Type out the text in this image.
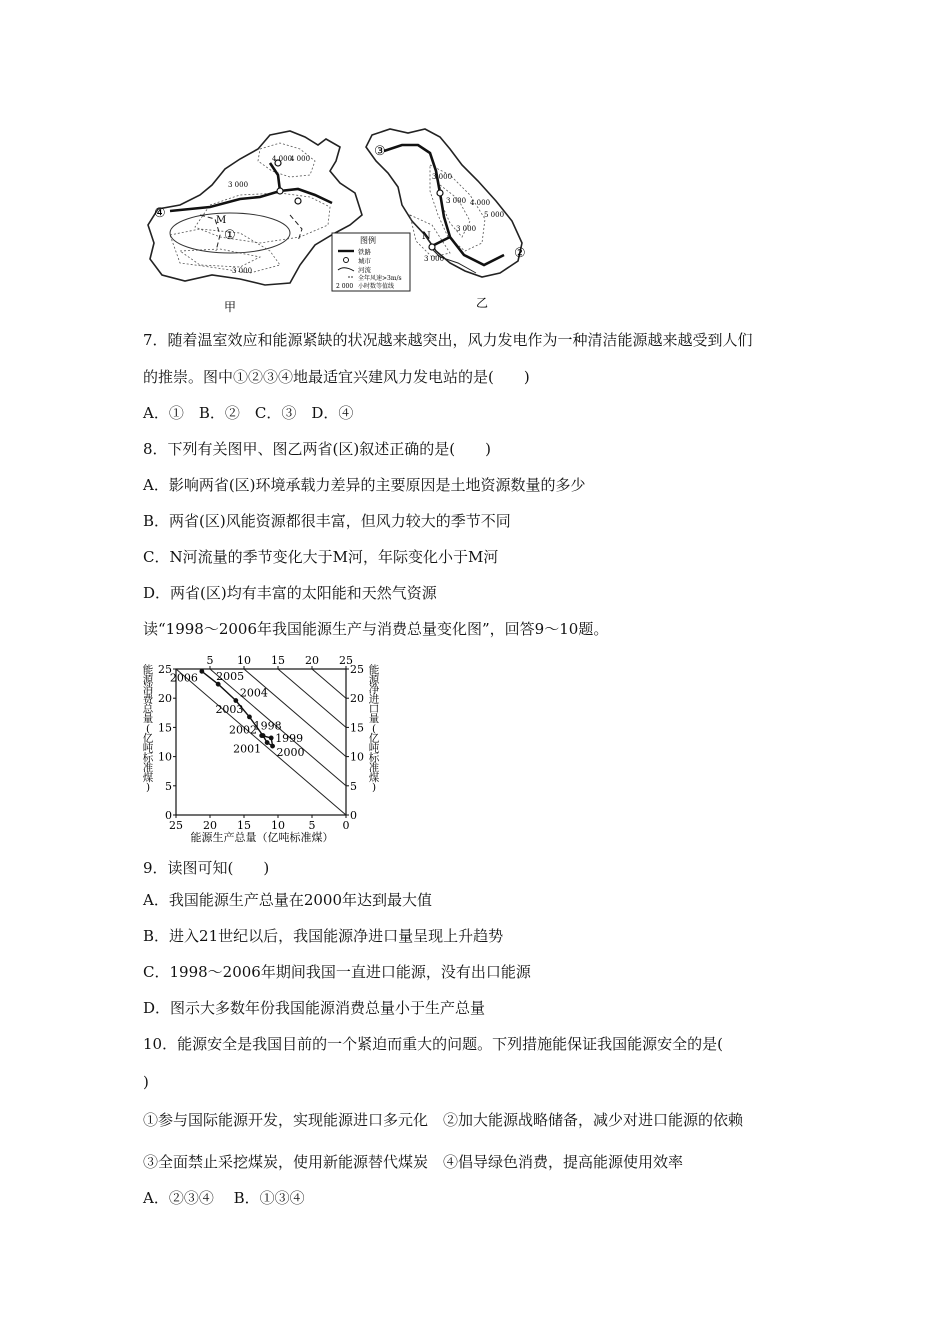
④
①
M
4 000
4 000
3 000
3 000
甲
图例
铁路
城市
河流
2 000
全年风速>3m/s
小时数等值线
③
②
N
3 000
3 000 4 000
5 000
3 000
3 000
乙
7．随着温室效应和能源紧缺的状况越来越突出，风力发电作为一种清洁能源越来越受到人们
的推崇。图中①②③④地最适宜兴建风力发电站的是(　　)
A．①　B．②　C．③　D．④
8．下列有关图甲、图乙两省(区)叙述正确的是(　　)
A．影响两省(区)环境承载力差异的主要原因是土地资源数量的多少
B．两省(区)风能资源都很丰富，但风力较大的季节不同
C．N河流量的季节变化大于M河，年际变化小于M河
D．两省(区)均有丰富的太阳能和天然气资源
读“1998～2006年我国能源生产与消费总量变化图”，回答9～10题。
能
源
消
费
总
量
(
亿
吨
标
准
煤
)
能
源
净
进
口
量
(
亿
吨
标
准
煤
)
25 20 15 10 5 0
5 10 15 20 25
25
20
15
10
5
0
25
20
15
10
5
0
1998
1999
2000
2001
2002
2003
2004
2005
2006
能源生产总量（亿吨标准煤）
9．读图可知(　　)
A．我国能源生产总量在2000年达到最大值
B．进入21世纪以后，我国能源净进口量呈现上升趋势
C．1998～2006年期间我国一直进口能源，没有出口能源
D．图示大多数年份我国能源消费总量小于生产总量
10．能源安全是我国目前的一个紧迫而重大的问题。下列措施能保证我国能源安全的是(
)
①参与国际能源开发，实现能源进口多元化　②加大能源战略储备，减少对进口能源的依赖
③全面禁止采挖煤炭，使用新能源替代煤炭　④倡导绿色消费，提高能源使用效率
A．②③④　 B．①③④
